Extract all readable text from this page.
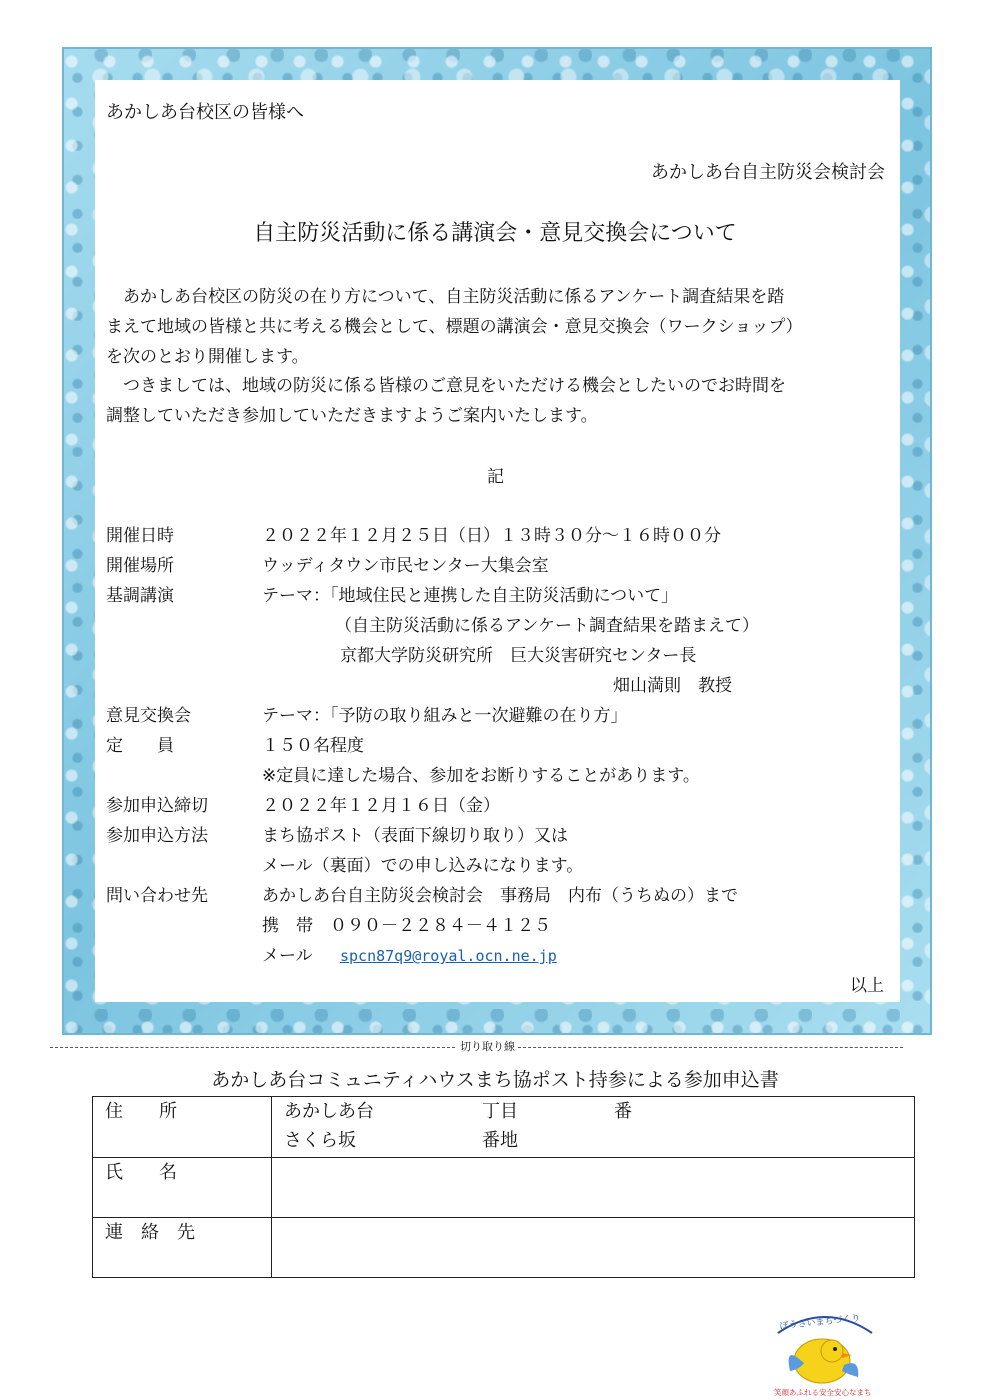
あかしあ台校区の皆様へ
あかしあ台自主防災会検討会
自主防災活動に係る講演会・意見交換会について
　あかしあ台校区の防災の在り方について、自主防災活動に係るアンケート調査結果を踏
まえて地域の皆様と共に考える機会として、標題の講演会・意見交換会（ワークショップ）
を次のとおり開催します。
　つきましては、地域の防災に係る皆様のご意見をいただける機会としたいのでお時間を
調整していただき参加していただきますようご案内いたします。
記
開催日時	２０２２年１２月２５日（日）１３時３０分～１６時００分
開催場所	ウッディタウン市民センター大集会室
基調講演	テーマ：「地域住民と連携した自主防災活動について」
（自主防災活動に係るアンケート調査結果を踏まえて）
京都大学防災研究所　巨大災害研究センター長
畑山満則　教授
意見交換会	テーマ：「予防の取り組みと一次避難の在り方」
定　　員	１５０名程度
※定員に達した場合、参加をお断りすることがあります。
参加申込締切	２０２２年１２月１６日（金）
参加申込方法	まち協ポスト（表面下線切り取り）又は
メール（裏面）での申し込みになります。
問い合わせ先	あかしあ台自主防災会検討会　事務局　内布（うちぬの）まで
携　帯　０９０－２２８４－４１２５
メール spcn87q9@royal.ocn.ne.jp
以上
切り取り線
あかしあ台コミュニティハウスまち協ポスト持参による参加申込書
住　　所	あかしあ台 丁目 番
さくら坂 番地

氏　　名	

連　絡　先	

ぼうさいまちづくり
笑顔あふれる安全安心なまち
